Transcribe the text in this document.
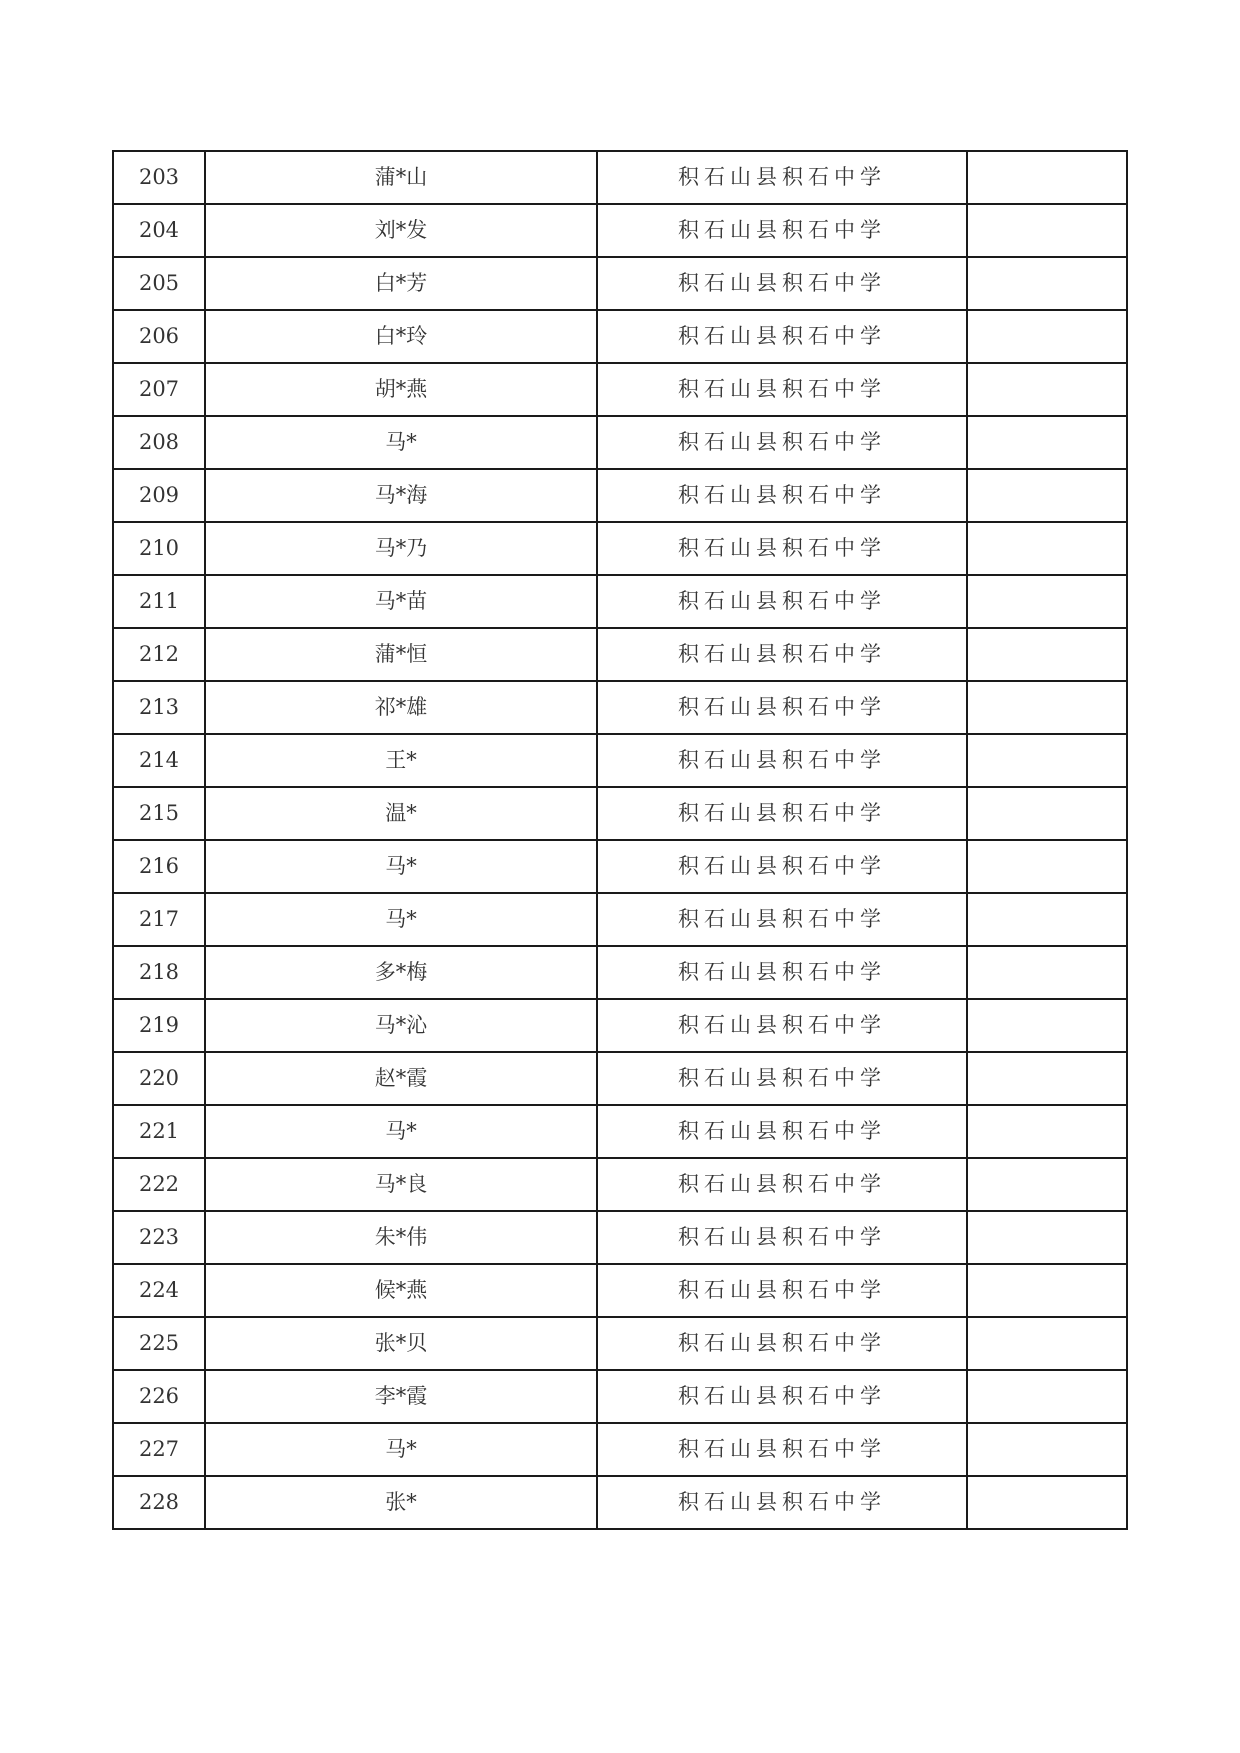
203	蒲*山	积石山县积石中学	
204	刘*发	积石山县积石中学	
205	白*芳	积石山县积石中学	
206	白*玲	积石山县积石中学	
207	胡*燕	积石山县积石中学	
208	马*	积石山县积石中学	
209	马*海	积石山县积石中学	
210	马*乃	积石山县积石中学	
211	马*苗	积石山县积石中学	
212	蒲*恒	积石山县积石中学	
213	祁*雄	积石山县积石中学	
214	王*	积石山县积石中学	
215	温*	积石山县积石中学	
216	马*	积石山县积石中学	
217	马*	积石山县积石中学	
218	多*梅	积石山县积石中学	
219	马*沁	积石山县积石中学	
220	赵*霞	积石山县积石中学	
221	马*	积石山县积石中学	
222	马*良	积石山县积石中学	
223	朱*伟	积石山县积石中学	
224	候*燕	积石山县积石中学	
225	张*贝	积石山县积石中学	
226	李*霞	积石山县积石中学	
227	马*	积石山县积石中学	
228	张*	积石山县积石中学	
